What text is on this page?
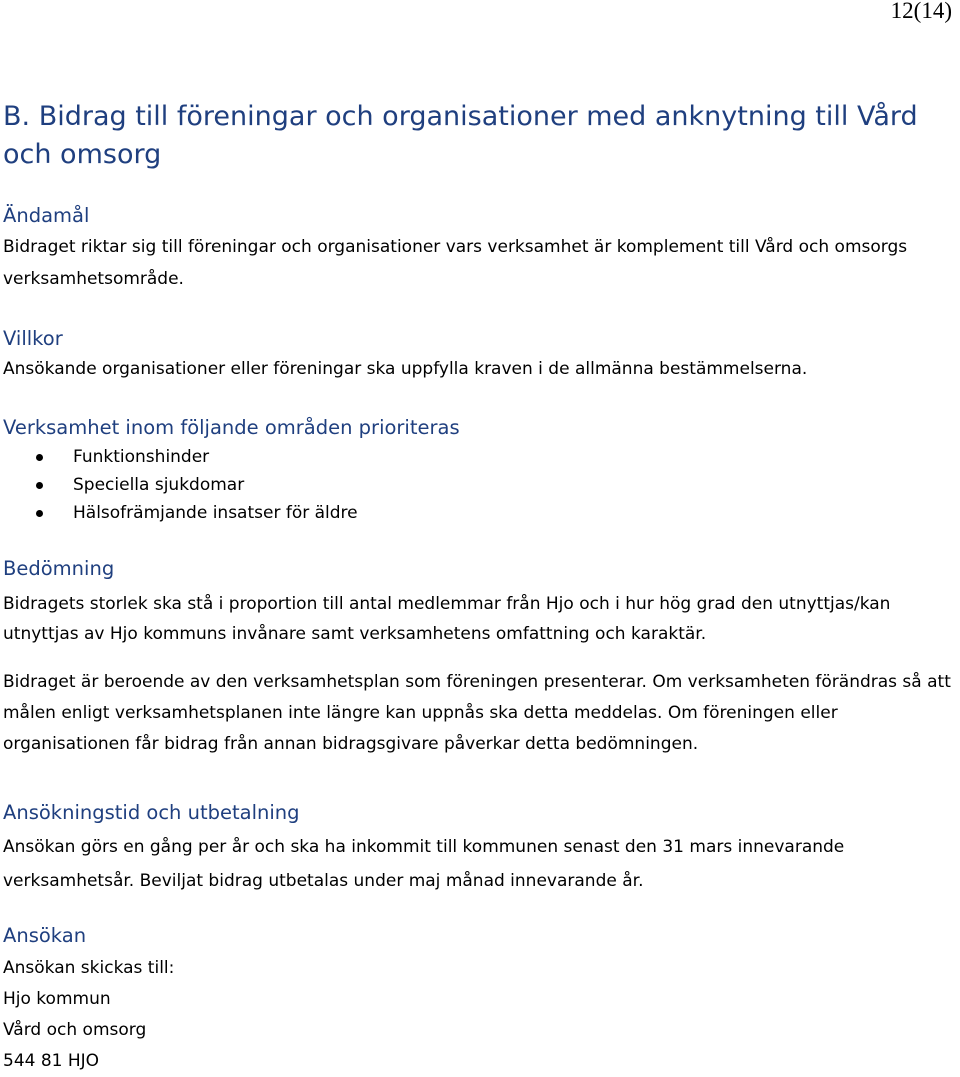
12(14)
B. Bidrag till föreningar och organisationer med anknytning till Vård och omsorg
Ändamål

Bidraget riktar sig till föreningar och organisationer vars verksamhet är komplement till Vård och omsorgs verksamhetsområde.

Villkor

Ansökande organisationer eller föreningar ska uppfylla kraven i de allmänna bestämmelserna.

Verksamhet inom följande områden prioriteras
Funktionshinder
Speciella sjukdomar
Hälsofrämjande insatser för äldre
Bedömning

Bidragets storlek ska stå i proportion till antal medlemmar från Hjo och i hur hög grad den utnyttjas/kan utnyttjas av Hjo kommuns invånare samt verksamhetens omfattning och karaktär.

Bidraget är beroende av den verksamhetsplan som föreningen presenterar. Om verksamheten förändras så att målen enligt verksamhetsplanen inte längre kan uppnås ska detta meddelas. Om föreningen eller organisationen får bidrag från annan bidragsgivare påverkar detta bedömningen.

Ansökningstid och utbetalning

Ansökan görs en gång per år och ska ha inkommit till kommunen senast den 31 mars innevarande verksamhetsår. Beviljat bidrag utbetalas under maj månad innevarande år.

Ansökan

Ansökan skickas till:

Hjo kommun

Vård och omsorg

544 81 HJO
